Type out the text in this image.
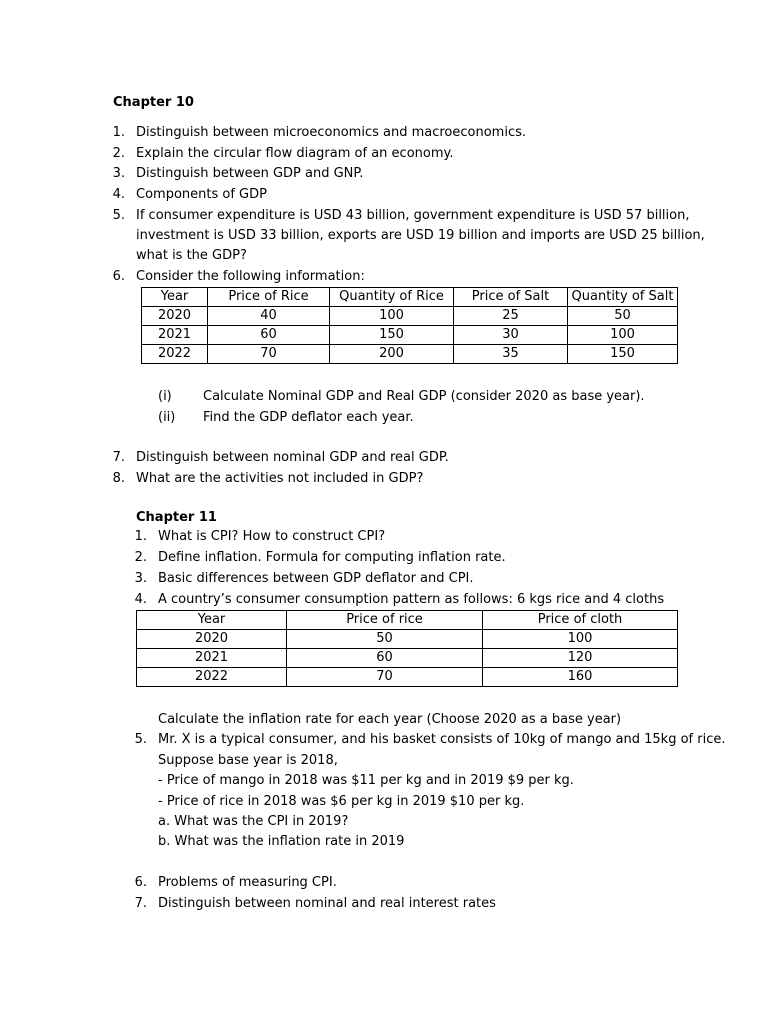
Chapter 10
1. Distinguish between microeconomics and macroeconomics.
2. Explain the circular flow diagram of an economy.
3. Distinguish between GDP and GNP.
4. Components of GDP
5. If consumer expenditure is USD 43 billion, government expenditure is USD 57 billion,
investment is USD 33 billion, exports are USD 19 billion and imports are USD 25 billion,
what is the GDP?
6. Consider the following information:
Year	Price of Rice	Quantity of Rice	Price of Salt	Quantity of Salt
2020	40	100	25	50
2021	60	150	30	100
2022	70	200	35	150
(i) Calculate Nominal GDP and Real GDP (consider 2020 as base year).
(ii) Find the GDP deflator each year.
7. Distinguish between nominal GDP and real GDP.
8. What are the activities not included in GDP?
Chapter 11
1. What is CPI? How to construct CPI?
2. Define inflation. Formula for computing inflation rate.
3. Basic differences between GDP deflator and CPI.
4. A country’s consumer consumption pattern as follows: 6 kgs rice and 4 cloths
Year	Price of rice	Price of cloth
2020	50	100
2021	60	120
2022	70	160
Calculate the inflation rate for each year (Choose 2020 as a base year)
5. Mr. X is a typical consumer, and his basket consists of 10kg of mango and 15kg of rice.
Suppose base year is 2018,
- Price of mango in 2018 was $11 per kg and in 2019 $9 per kg.
- Price of rice in 2018 was $6 per kg in 2019 $10 per kg.
a. What was the CPI in 2019?
b. What was the inflation rate in 2019
6. Problems of measuring CPI.
7. Distinguish between nominal and real interest rates
